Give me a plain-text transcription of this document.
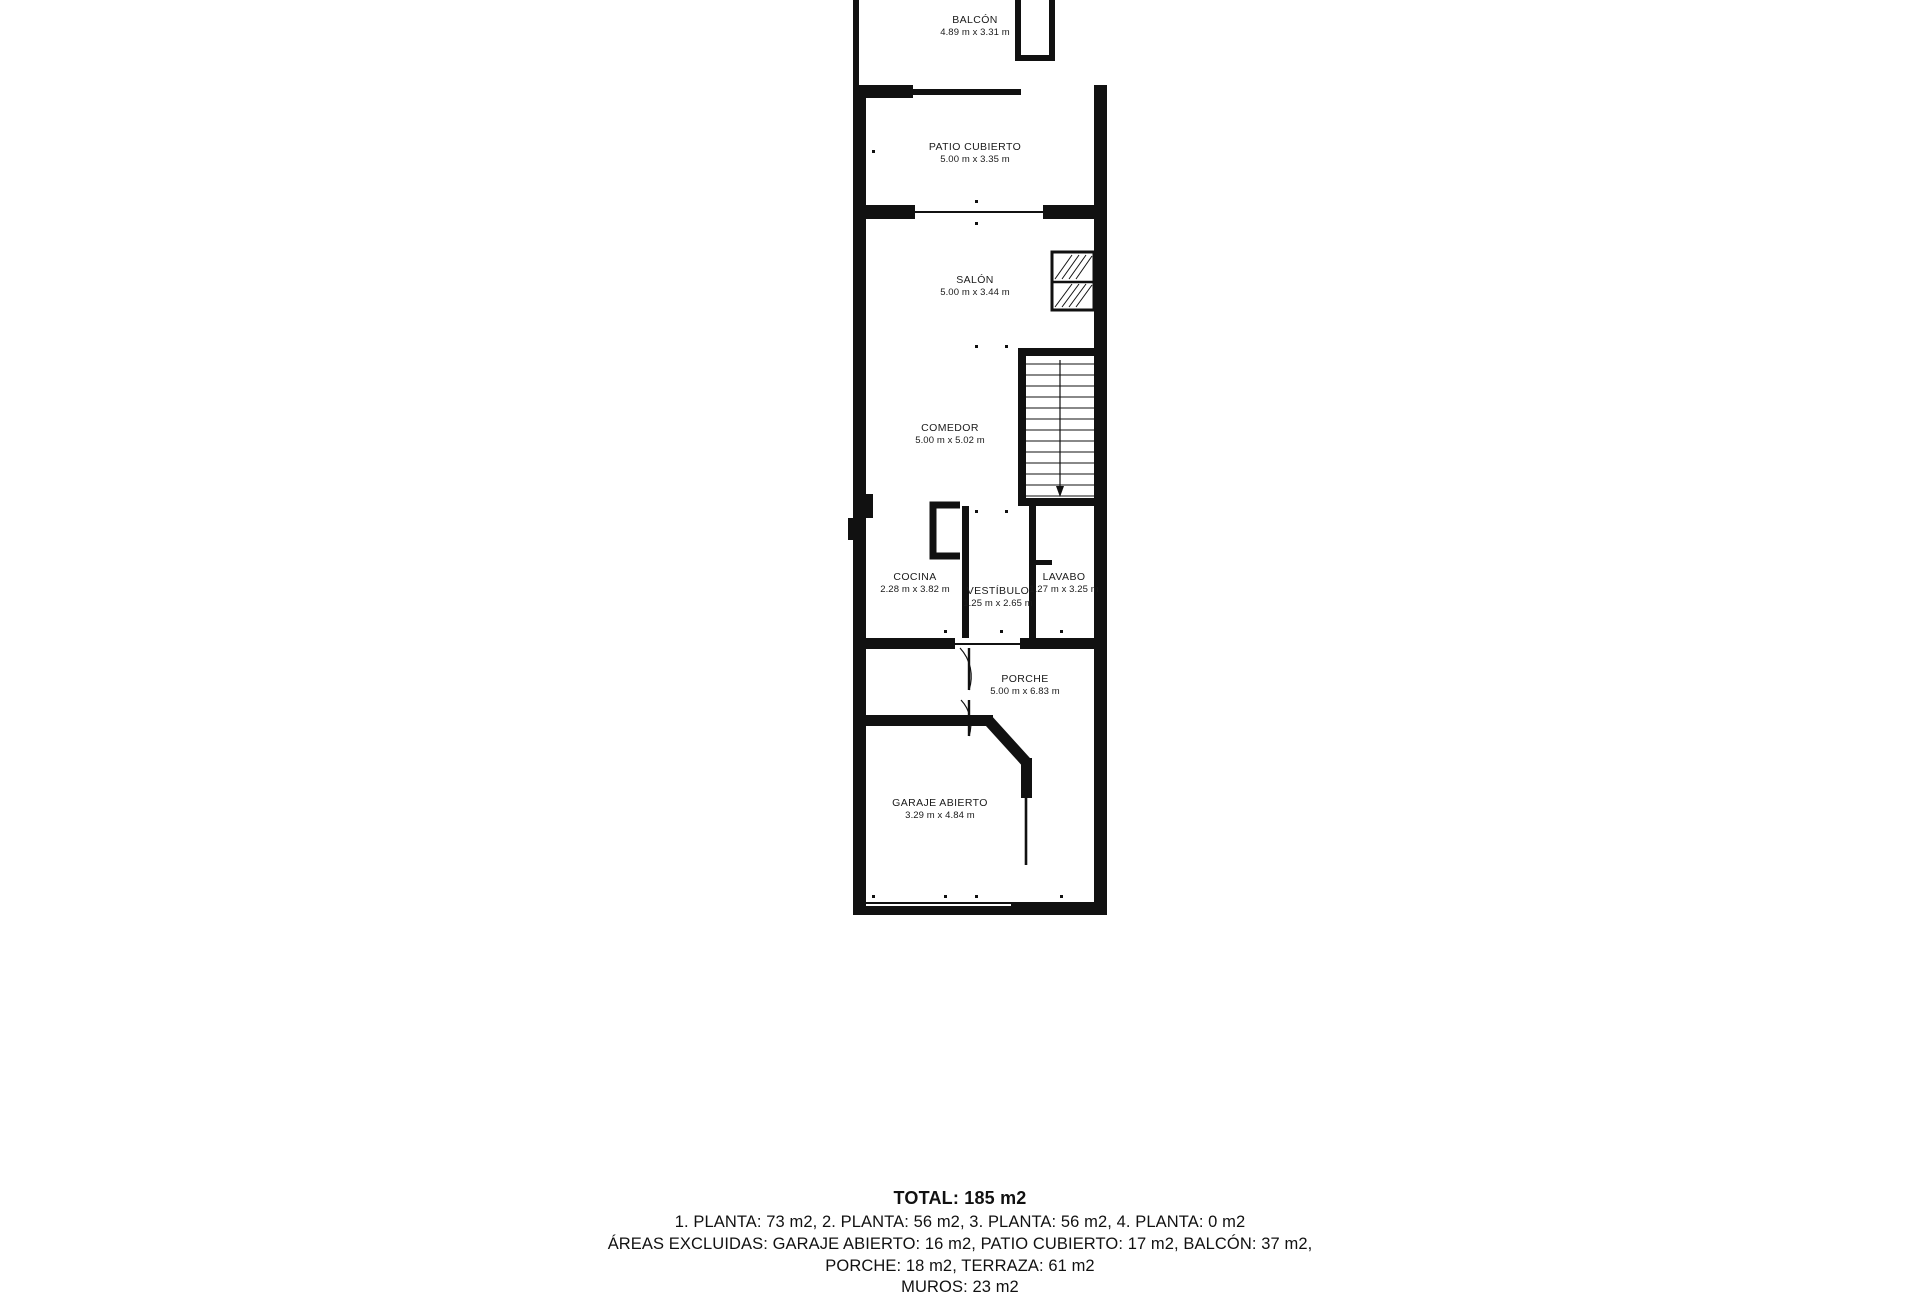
BALCÓN
4.89 m x 3.31 m
PATIO CUBIERTO
5.00 m x 3.35 m
SALÓN
5.00 m x 3.44 m
COMEDOR
5.00 m x 5.02 m
COCINA
2.28 m x 3.82 m	VESTÍBULO
1.25 m x 2.65 m
LAVABO
1.27 m x 3.25 m
PORCHE
5.00 m x 6.83 m
GARAJE ABIERTO
3.29 m x 4.84 m
TOTAL: 185 m2
1. PLANTA: 73 m2, 2. PLANTA: 56 m2, 3. PLANTA: 56 m2, 4. PLANTA: 0 m2
ÁREAS EXCLUIDAS: GARAJE ABIERTO: 16 m2, PATIO CUBIERTO: 17 m2, BALCÓN: 37 m2,
PORCHE: 18 m2, TERRAZA: 61 m2
MUROS: 23 m2
